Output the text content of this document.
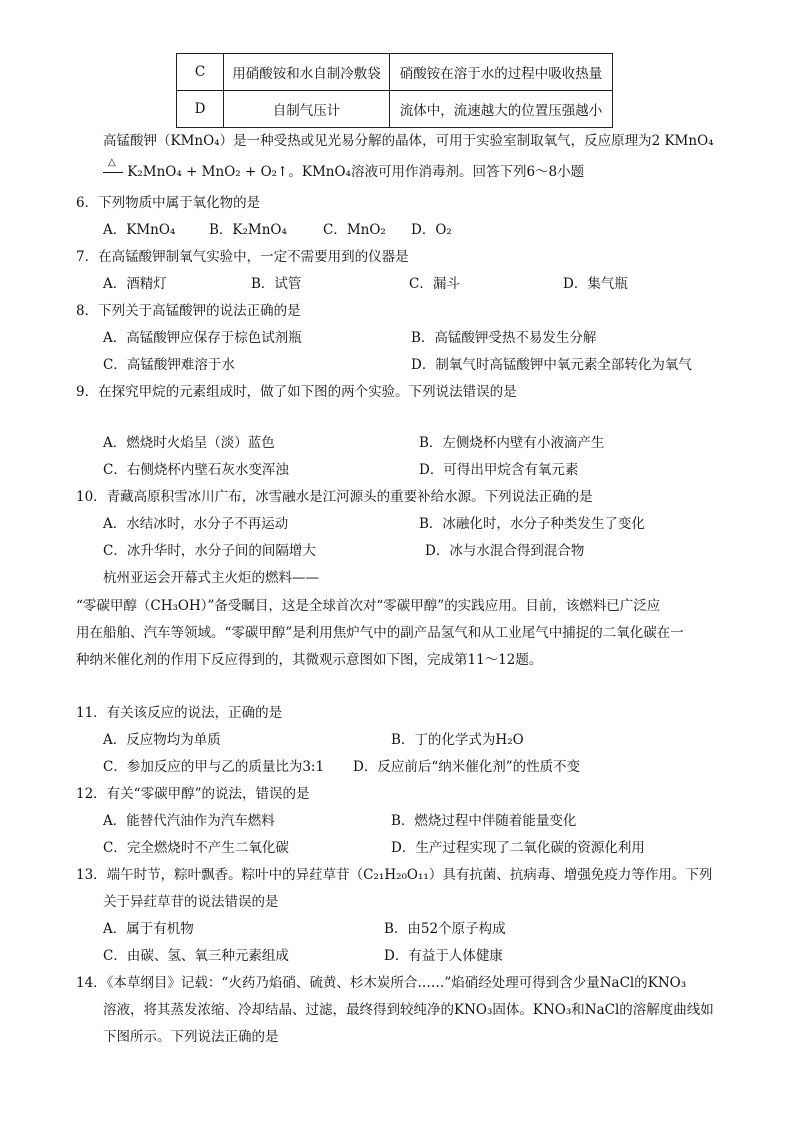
C	用硝酸铵和水自制冷敷袋	硝酸铵在溶于水的过程中吸收热量
D	自制气压计	流体中，流速越大的位置压强越小
高锰酸钾（KMnO₄）是一种受热或见光易分解的晶体，可用于实验室制取氧气，反应原理为2 KMnO₄
△
K₂MnO₄ + MnO₂ + O₂↑。KMnO₄溶液可用作消毒剂。回答下列6～8小题
6．下列物质中属于氧化物的是
A．KMnO₄ B．K₂MnO₄	C．MnO₂ D．O₂
7．在高锰酸钾制氧气实验中，一定不需要用到的仪器是
A．酒精灯	B．试管	C．漏斗	D．集气瓶
8．下列关于高锰酸钾的说法正确的是
A．高锰酸钾应保存于棕色试剂瓶	B．高锰酸钾受热不易发生分解
C．高锰酸钾难溶于水	D．制氧气时高锰酸钾中氧元素全部转化为氧气
9．在探究甲烷的元素组成时，做了如下图的两个实验。下列说法错误的是
A．燃烧时火焰呈（淡）蓝色	B．左侧烧杯内壁有小液滴产生
C．右侧烧杯内壁石灰水变浑浊	D．可得出甲烷含有氧元素
10．青藏高原积雪冰川广布，冰雪融水是江河源头的重要补给水源。下列说法正确的是
A．水结冰时，水分子不再运动	B．冰融化时，水分子种类发生了变化
C．冰升华时，水分子间的间隔增大	D．冰与水混合得到混合物
杭州亚运会开幕式主火炬的燃料——
“零碳甲醇（CH₃OH）”备受瞩目，这是全球首次对“零碳甲醇”的实践应用。目前，该燃料已广泛应
用在船舶、汽车等领域。“零碳甲醇”是利用焦炉气中的副产品氢气和从工业尾气中捕捉的二氧化碳在一
种纳米催化剂的作用下反应得到的，其微观示意图如下图，完成第11～12题。
11．有关该反应的说法，正确的是
A．反应物均为单质	B．丁的化学式为H₂O
C．参加反应的甲与乙的质量比为3:1 D．反应前后“纳米催化剂”的性质不变
12．有关“零碳甲醇”的说法，错误的是
A．能替代汽油作为汽车燃料	B．燃烧过程中伴随着能量变化
C．完全燃烧时不产生二氧化碳	D．生产过程实现了二氧化碳的资源化利用
13．端午时节，粽叶飘香。粽叶中的异荭草苷（C₂₁H₂₀O₁₁）具有抗菌、抗病毒、增强免疫力等作用。下列
关于异荭草苷的说法错误的是
A．属于有机物	B．由52个原子构成
C．由碳、氢、氧三种元素组成	D．有益于人体健康
14．《本草纲目》记载：“火药乃焰硝、硫黄、杉木炭所合……”焰硝经处理可得到含少量NaCl的KNO₃
溶液，将其蒸发浓缩、冷却结晶、过滤，最终得到较纯净的KNO₃固体。KNO₃和NaCl的溶解度曲线如
下图所示。下列说法正确的是
